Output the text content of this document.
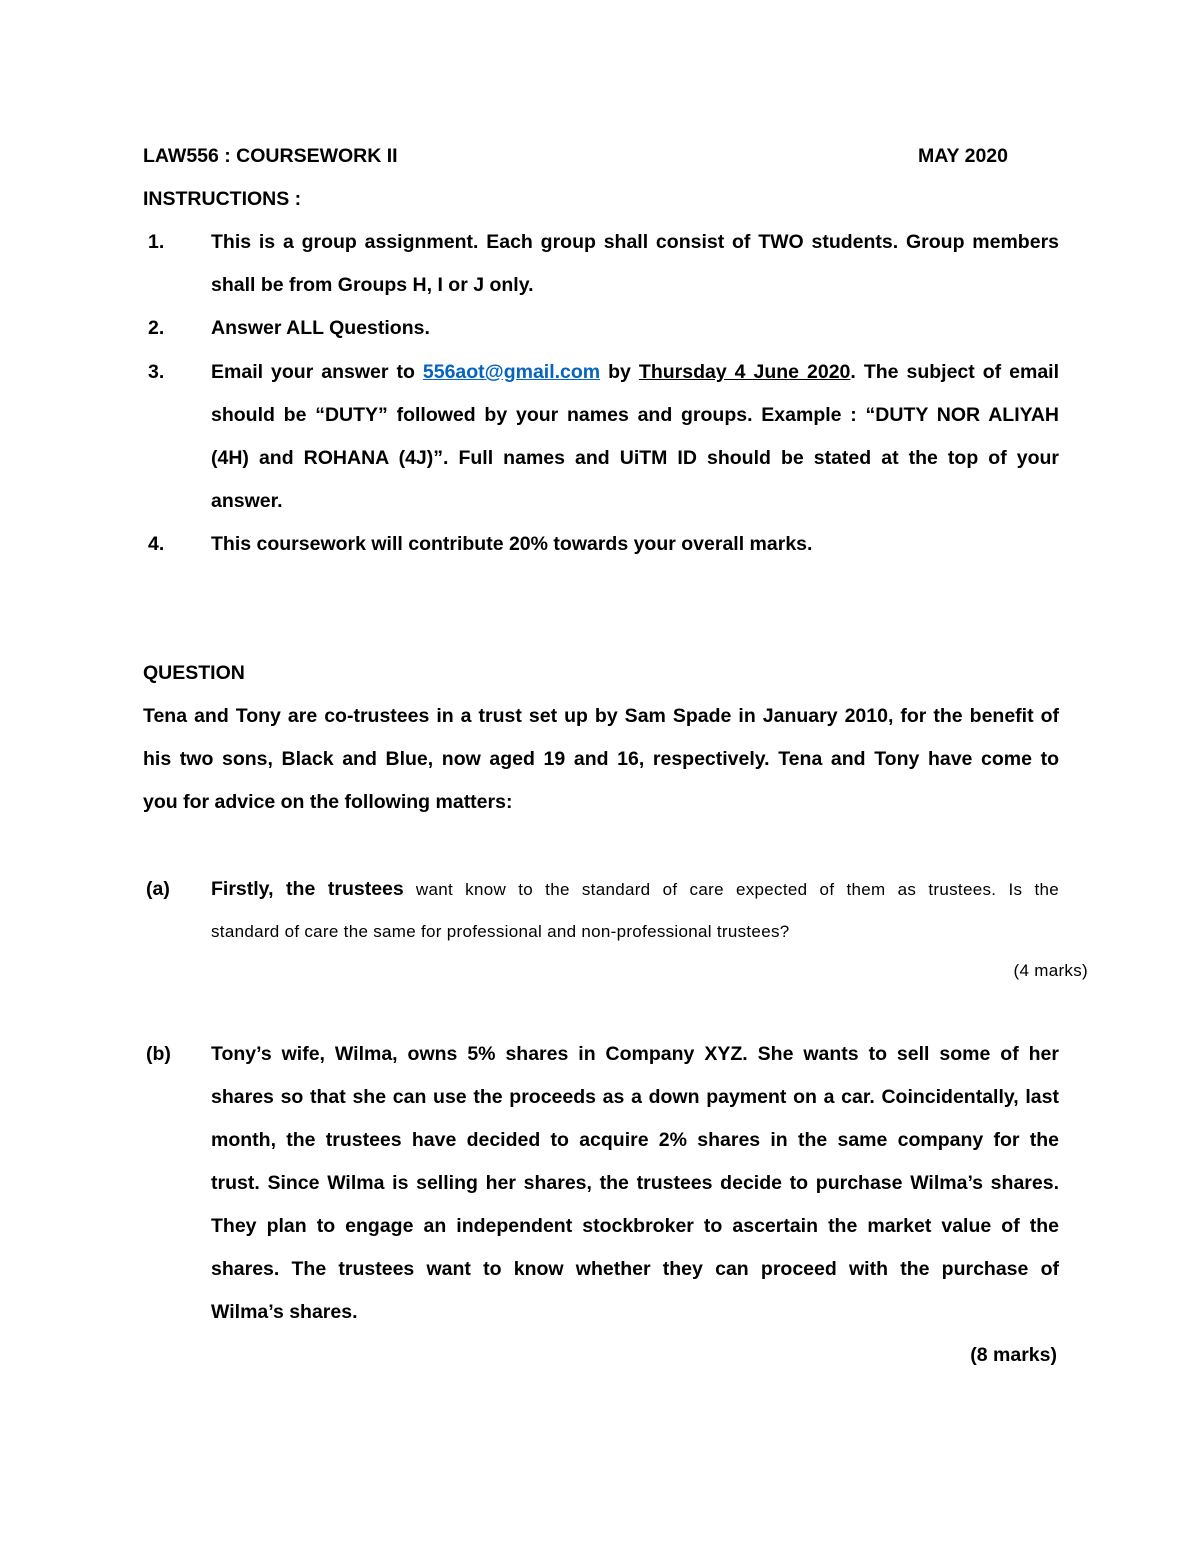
LAW556 : COURSEWORK II	MAY 2020
INSTRUCTIONS :
1. This is a group assignment. Each group shall consist of TWO students. Group members
shall be from Groups H, I or J only.
2. Answer ALL Questions.
3. Email your answer to 556aot@gmail.com by Thursday 4 June 2020. The subject of email
should be “DUTY” followed by your names and groups. Example : “DUTY NOR ALIYAH
(4H) and ROHANA (4J)”. Full names and UiTM ID should be stated at the top of your
answer.
4. This coursework will contribute 20% towards your overall marks.
QUESTION
Tena and Tony are co-trustees in a trust set up by Sam Spade in January 2010, for the benefit of
his two sons, Black and Blue, now aged 19 and 16, respectively. Tena and Tony have come to
you for advice on the following matters:
(a) Firstly, the trustees want know to the standard of care expected of them as trustees. Is the
standard of care the same for professional and non-professional trustees?
(4 marks)
(b) Tony’s wife, Wilma, owns 5% shares in Company XYZ. She wants to sell some of her
shares so that she can use the proceeds as a down payment on a car. Coincidentally, last
month, the trustees have decided to acquire 2% shares in the same company for the
trust. Since Wilma is selling her shares, the trustees decide to purchase Wilma’s shares.
They plan to engage an independent stockbroker to ascertain the market value of the
shares. The trustees want to know whether they can proceed with the purchase of
Wilma’s shares.
(8 marks)
